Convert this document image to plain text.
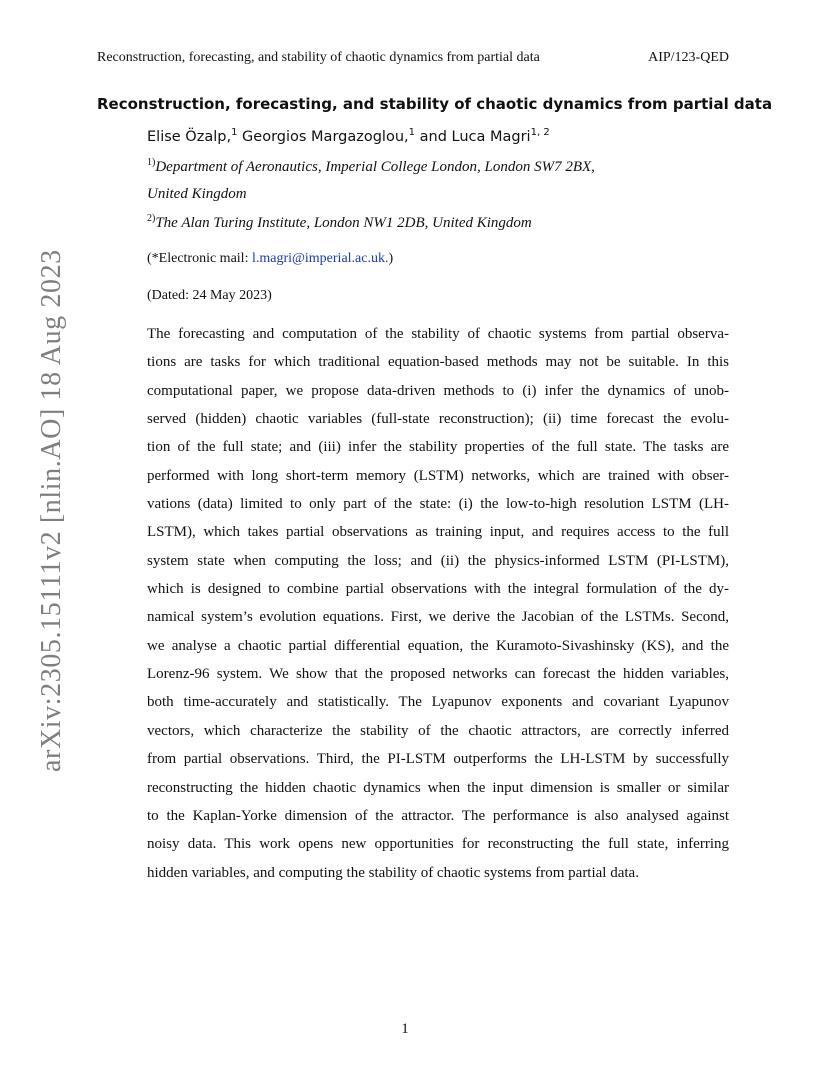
Reconstruction, forecasting, and stability of chaotic dynamics from partial data	AIP/123-QED
arXiv:2305.15111v2 [nlin.AO] 18 Aug 2023
Reconstruction, forecasting, and stability of chaotic dynamics from partial data
Elise Özalp,$^1$ Georgios Margazoglou,$^1$ and Luca Magri$^{1, 2}$
$^{1)}$Department of Aeronautics, Imperial College London, London SW7 2BX,
United Kingdom
$^{2)}$The Alan Turing Institute, London NW1 2DB, United Kingdom
(*Electronic mail: l.magri@imperial.ac.uk.)
(Dated: 24 May 2023)
The forecasting and computation of the stability of chaotic systems from partial observa-
tions are tasks for which traditional equation-based methods may not be suitable. In this
computational paper, we propose data-driven methods to (i) infer the dynamics of unob-
served (hidden) chaotic variables (full-state reconstruction); (ii) time forecast the evolu-
tion of the full state; and (iii) infer the stability properties of the full state. The tasks are
performed with long short-term memory (LSTM) networks, which are trained with obser-
vations (data) limited to only part of the state: (i) the low-to-high resolution LSTM (LH-
LSTM), which takes partial observations as training input, and requires access to the full
system state when computing the loss; and (ii) the physics-informed LSTM (PI-LSTM),
which is designed to combine partial observations with the integral formulation of the dy-
namical system’s evolution equations. First, we derive the Jacobian of the LSTMs. Second,
we analyse a chaotic partial differential equation, the Kuramoto-Sivashinsky (KS), and the
Lorenz-96 system. We show that the proposed networks can forecast the hidden variables,
both time-accurately and statistically. The Lyapunov exponents and covariant Lyapunov
vectors, which characterize the stability of the chaotic attractors, are correctly inferred
from partial observations. Third, the PI-LSTM outperforms the LH-LSTM by successfully
reconstructing the hidden chaotic dynamics when the input dimension is smaller or similar
to the Kaplan-Yorke dimension of the attractor. The performance is also analysed against
noisy data. This work opens new opportunities for reconstructing the full state, inferring
hidden variables, and computing the stability of chaotic systems from partial data.
1
